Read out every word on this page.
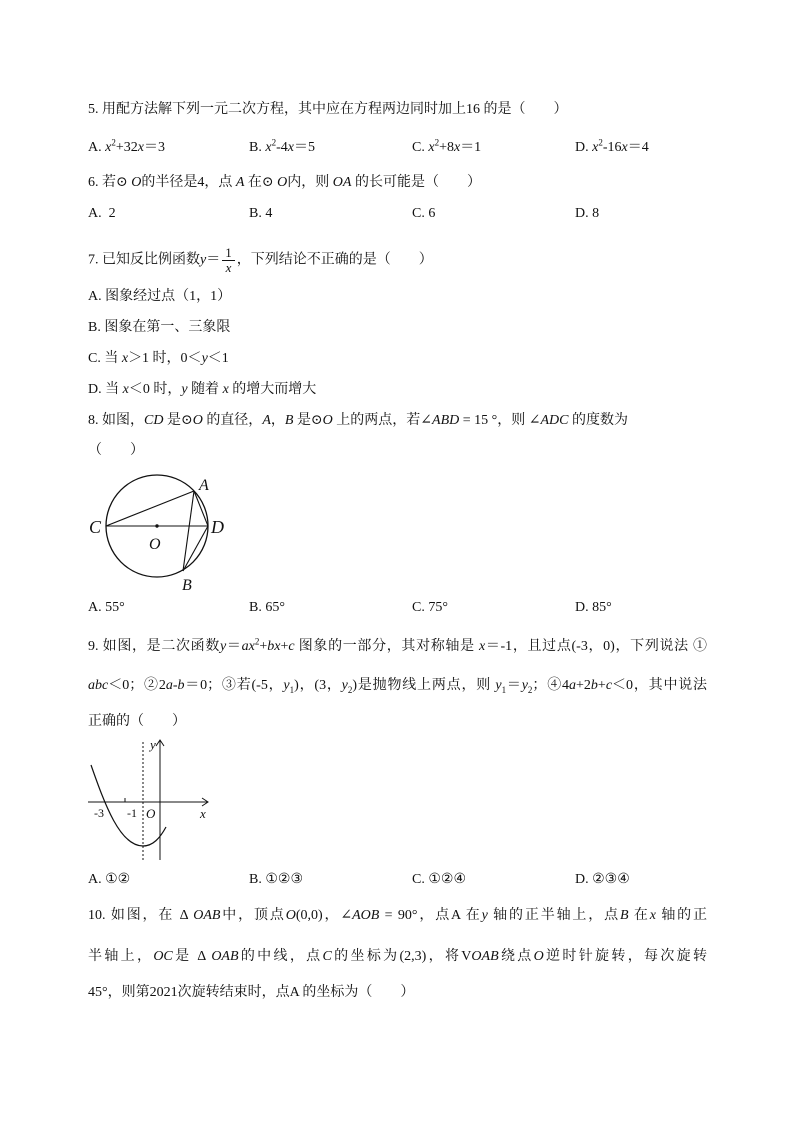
5. 用配方法解下列一元二次方程，其中应在方程两边同时加上16 的是（　　）
A. $x^2+32x=3$	B. $x^2-4x=5$	C. $x^2+8x=1$	D. $x^2-16x=4$
6. 若⊙ O的半径是4，点 A 在⊙ O内，则 OA 的长可能是（　　）
A.  2	B. 4	C. 6	D. 8
7. 已知反比例函数$y= \frac{1}{x}$ ，下列结论不正确的是（　　）
A. 图象经过点（1，1）
B. 图象在第一、三象限
C. 当 x＞1 时，0＜y＜1
D. 当 x＜0 时，y 随着 x 的增大而增大
8. 如图，CD 是⊙O 的直径，A，B 是⊙O 上的两点，若∠ABD = 15 °，则 ∠ADC 的度数为
（　　）
C	D
O
A
B
A. 55°	B. 65°	C. 75°	D. 85°
9. 如图，是二次函数$y=ax^2+bx+c$ 图象的一部分，其对称轴是 x＝-1，且过点(-3，0)，下列说法 ①
abc＜0；②2a-b＝0；③若(-5，$y_1$)，(3，$y_2$)是抛物线上两点，则 $y_1=y_2$；④4a+2b+c＜0，其中说法
正确的（　　）
y
x
-3 -1 O
A. ①②	B. ①②③	C. ①②④	D. ②③④
10. 如图，在 Δ OAB中，顶点O(0,0)，∠AOB = 90°，点A 在y 轴的正半轴上，点B 在x 轴的正
半轴上，OC是 Δ OAB的中线，点C的坐标为(2,3)，将VOAB绕点O逆时针旋转，每次旋转
45°，则第2021次旋转结束时，点A 的坐标为（　　）
